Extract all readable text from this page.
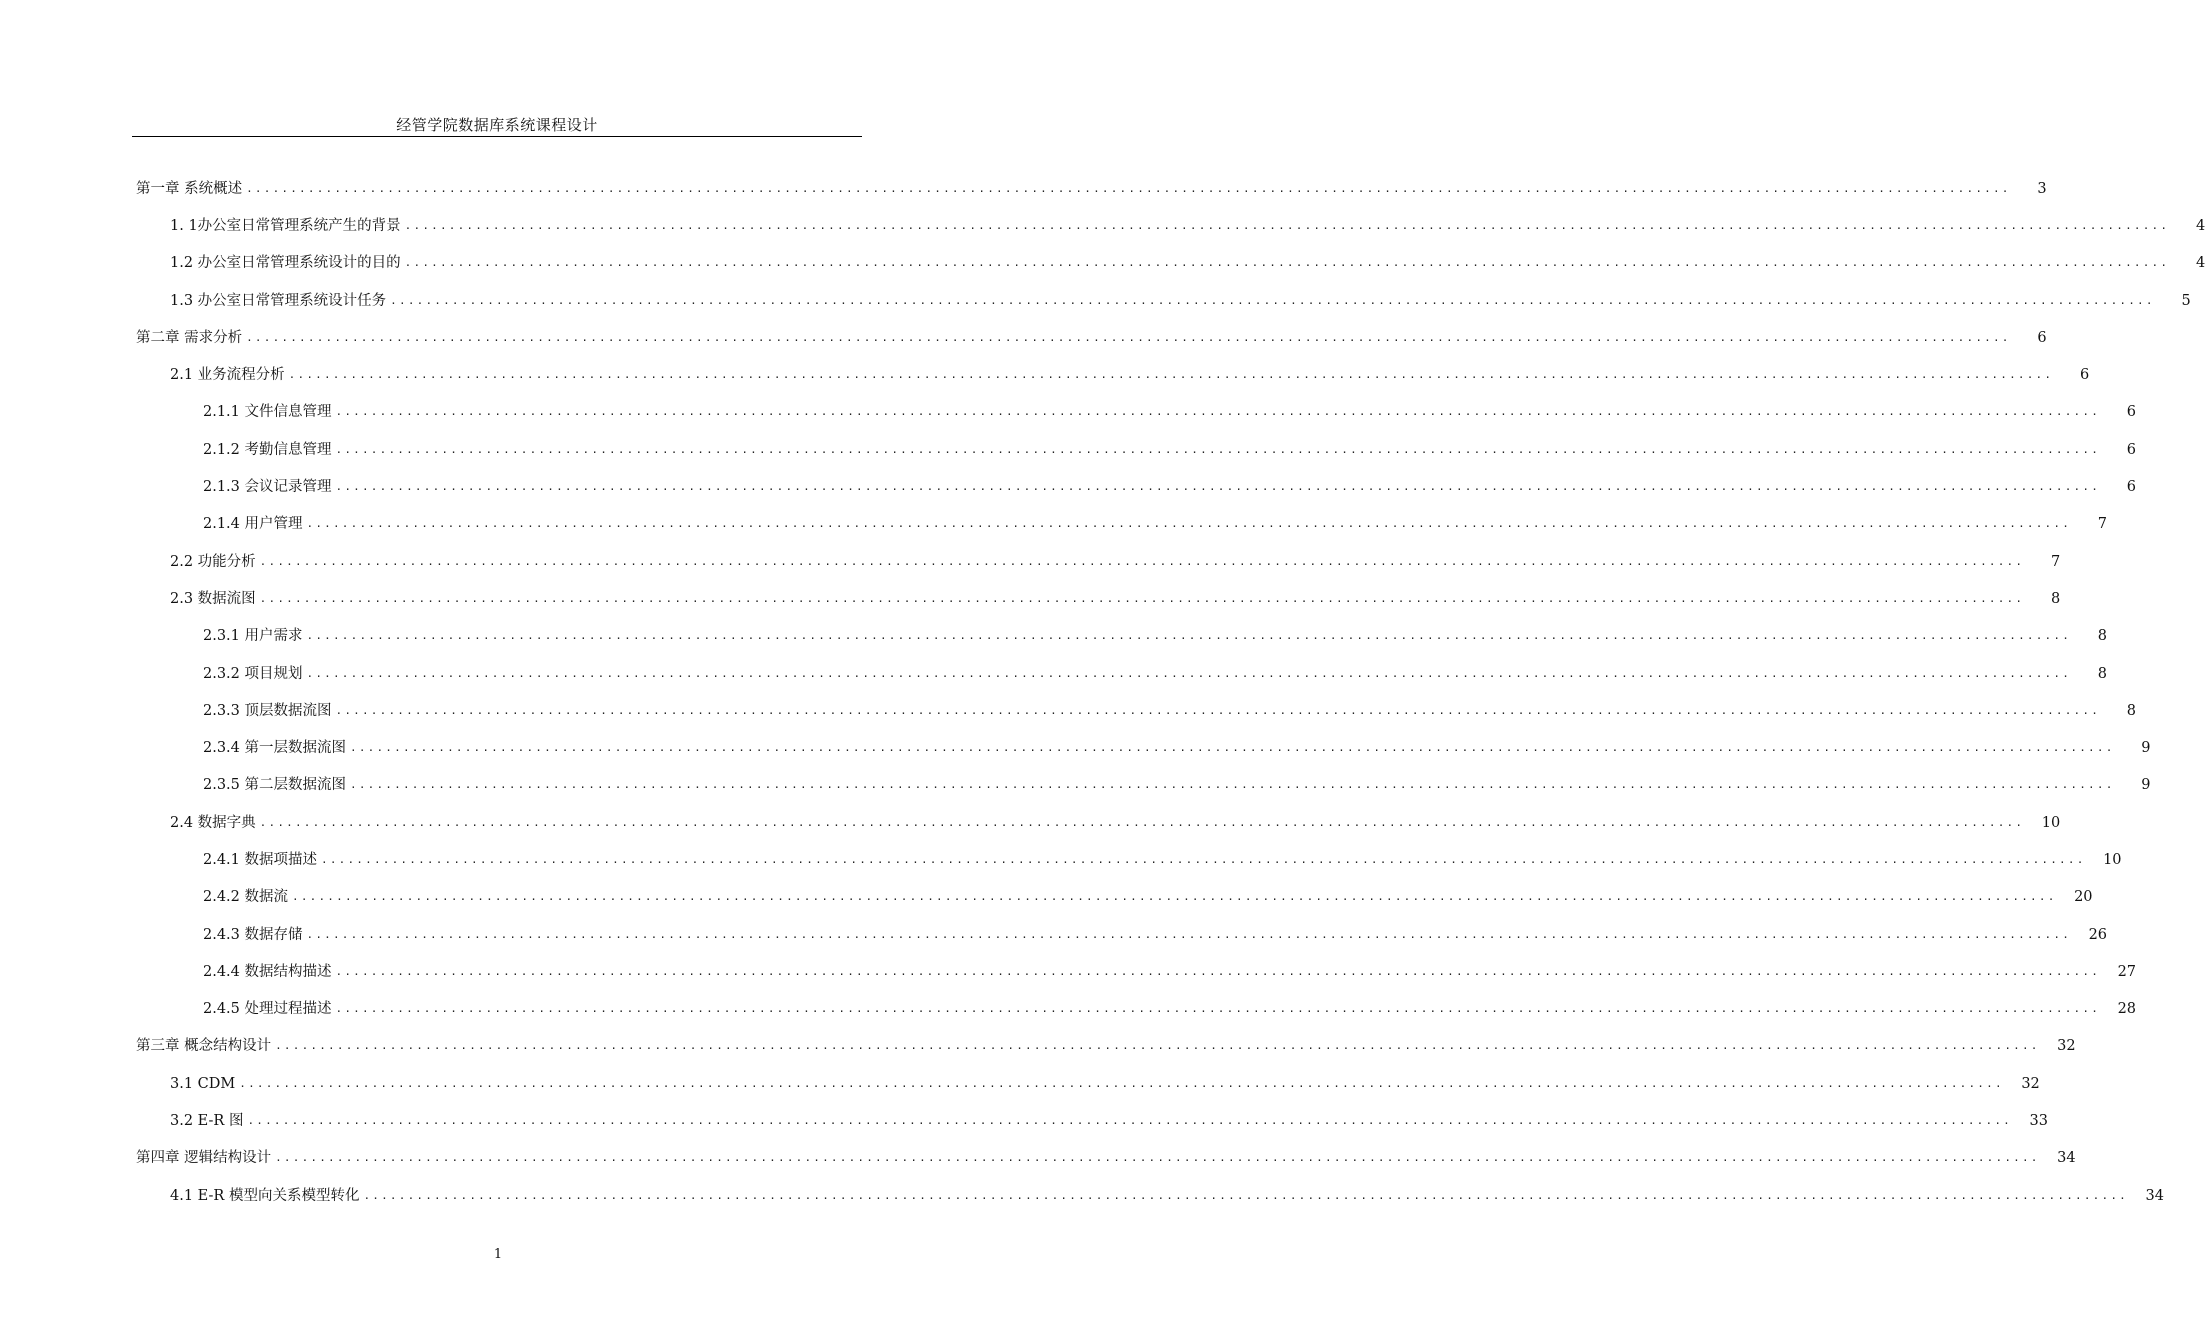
经管学院数据库系统课程设计
第一章 系统概述 ........................................................................................................................................................................................................	3
1. 1办公室日常管理系统产生的背景 ........................................................................................................................................................................................................	4
1.2 办公室日常管理系统设计的目的 ........................................................................................................................................................................................................	4
1.3 办公室日常管理系统设计任务 ........................................................................................................................................................................................................	5
第二章 需求分析 ........................................................................................................................................................................................................	6
2.1 业务流程分析 ........................................................................................................................................................................................................	6
2.1.1 文件信息管理 ........................................................................................................................................................................................................	6
2.1.2 考勤信息管理 ........................................................................................................................................................................................................	6
2.1.3 会议记录管理 ........................................................................................................................................................................................................	6
2.1.4 用户管理 ........................................................................................................................................................................................................	7
2.2 功能分析 ........................................................................................................................................................................................................	7
2.3 数据流图 ........................................................................................................................................................................................................	8
2.3.1 用户需求 ........................................................................................................................................................................................................	8
2.3.2 项目规划 ........................................................................................................................................................................................................	8
2.3.3 顶层数据流图 ........................................................................................................................................................................................................	8
2.3.4 第一层数据流图 ........................................................................................................................................................................................................	9
2.3.5 第二层数据流图 ........................................................................................................................................................................................................	9
2.4 数据字典 ........................................................................................................................................................................................................	10
2.4.1 数据项描述 ........................................................................................................................................................................................................	10
2.4.2 数据流 ........................................................................................................................................................................................................	20
2.4.3 数据存储 ........................................................................................................................................................................................................	26
2.4.4 数据结构描述 ........................................................................................................................................................................................................	27
2.4.5 处理过程描述 ........................................................................................................................................................................................................	28
第三章 概念结构设计 ........................................................................................................................................................................................................	32
3.1 CDM ........................................................................................................................................................................................................	32
3.2 E-R 图 ........................................................................................................................................................................................................	33
第四章 逻辑结构设计 ........................................................................................................................................................................................................	34
4.1 E-R 模型向关系模型转化 ........................................................................................................................................................................................................	34
1
